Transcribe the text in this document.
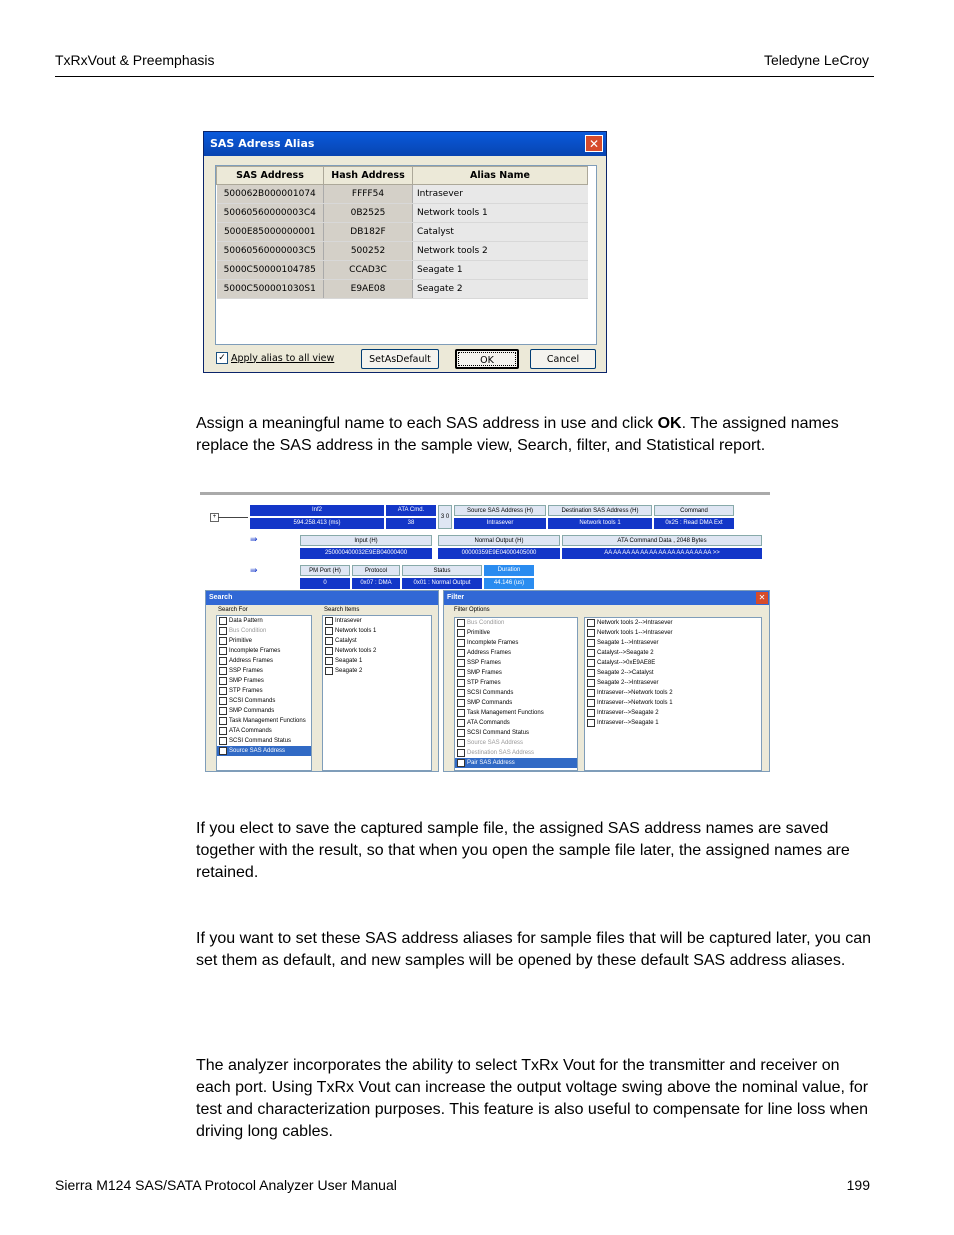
TxRxVout & Preemphasis	Teledyne LeCroy
SAS Adress Alias	✕
SAS Address	Hash Address	Alias Name
500062B000001074	FFFF54	Intrasever
50060560000003C4	0B2525	Network tools 1
5000E85000000001	DB182F	Catalyst
50060560000003C5	500252	Network tools 2
5000C50000104785	CCAD3C	Seagate 1
5000C500001030S1	E9AE08	Seagate 2
✓ Apply alias to all view	SetAsDefault	OK	Cancel

Assign a meaningful name to each SAS address in use and click OK. The assigned names replace the SAS address in the sample view, Search, filter, and Statistical report.

+
Inf2
594.258.413 (ms)
ATA Cmd.
38
3 0
Source SAS Address (H)
Intrasever
Destination SAS Address (H)
Network tools 1
Command
0x25 : Read DMA Ext
⇛	Input (H)
250000400032E9EB04000400
Normal Output (H)
00000359E9E04000405000
ATA Command Data , 2048 Bytes
AA AA AA AA AA AA AA AA AA AA AA AA >>
⇛	PM Port (H)
0
Protocol
0x07 : DMA
Status
0x01 : Normal Output
Duration
44.146 (us)
Search
Search For	Search Items
Data Pattern
Bus Condition
Primitive
Incomplete Frames
Address Frames
SSP Frames
SMP Frames
STP Frames
SCSI Commands
SMP Commands
Task Management Functions
ATA Commands
SCSI Command Status
Source SAS Address
Intrasever
Network tools 1
Catalyst
Network tools 2
Seagate 1
Seagate 2
Filter	✕
Filter Options
Bus Condition
Primitive
Incomplete Frames
Address Frames
SSP Frames
SMP Frames
STP Frames
SCSI Commands
SMP Commands
Task Management Functions
ATA Commands
SCSI Command Status
Source SAS Address
Destination SAS Address
Pair SAS Address
Network tools 2-->Intrasever
Network tools 1-->Intrasever
Seagate 1-->Intrasever
Catalyst-->Seagate 2
Catalyst-->0xE9AE8E
Seagate 2-->Catalyst
Seagate 2-->Intrasever
Intrasever-->Network tools 2
Intrasever-->Network tools 1
Intrasever-->Seagate 2
Intrasever-->Seagate 1

If you elect to save the captured sample file, the assigned SAS address names are saved together with the result, so that when you open the sample file later, the assigned names are retained.

If you want to set these SAS address aliases for sample files that will be captured later, you can set them as default, and new samples will be opened by these default SAS address aliases.

The analyzer incorporates the ability to select TxRx Vout for the transmitter and receiver on each port. Using TxRx Vout can increase the output voltage swing above the nominal value, for test and characterization purposes. This feature is also useful to compensate for line loss when driving long cables.

Sierra M124 SAS/SATA Protocol Analyzer User Manual	199
